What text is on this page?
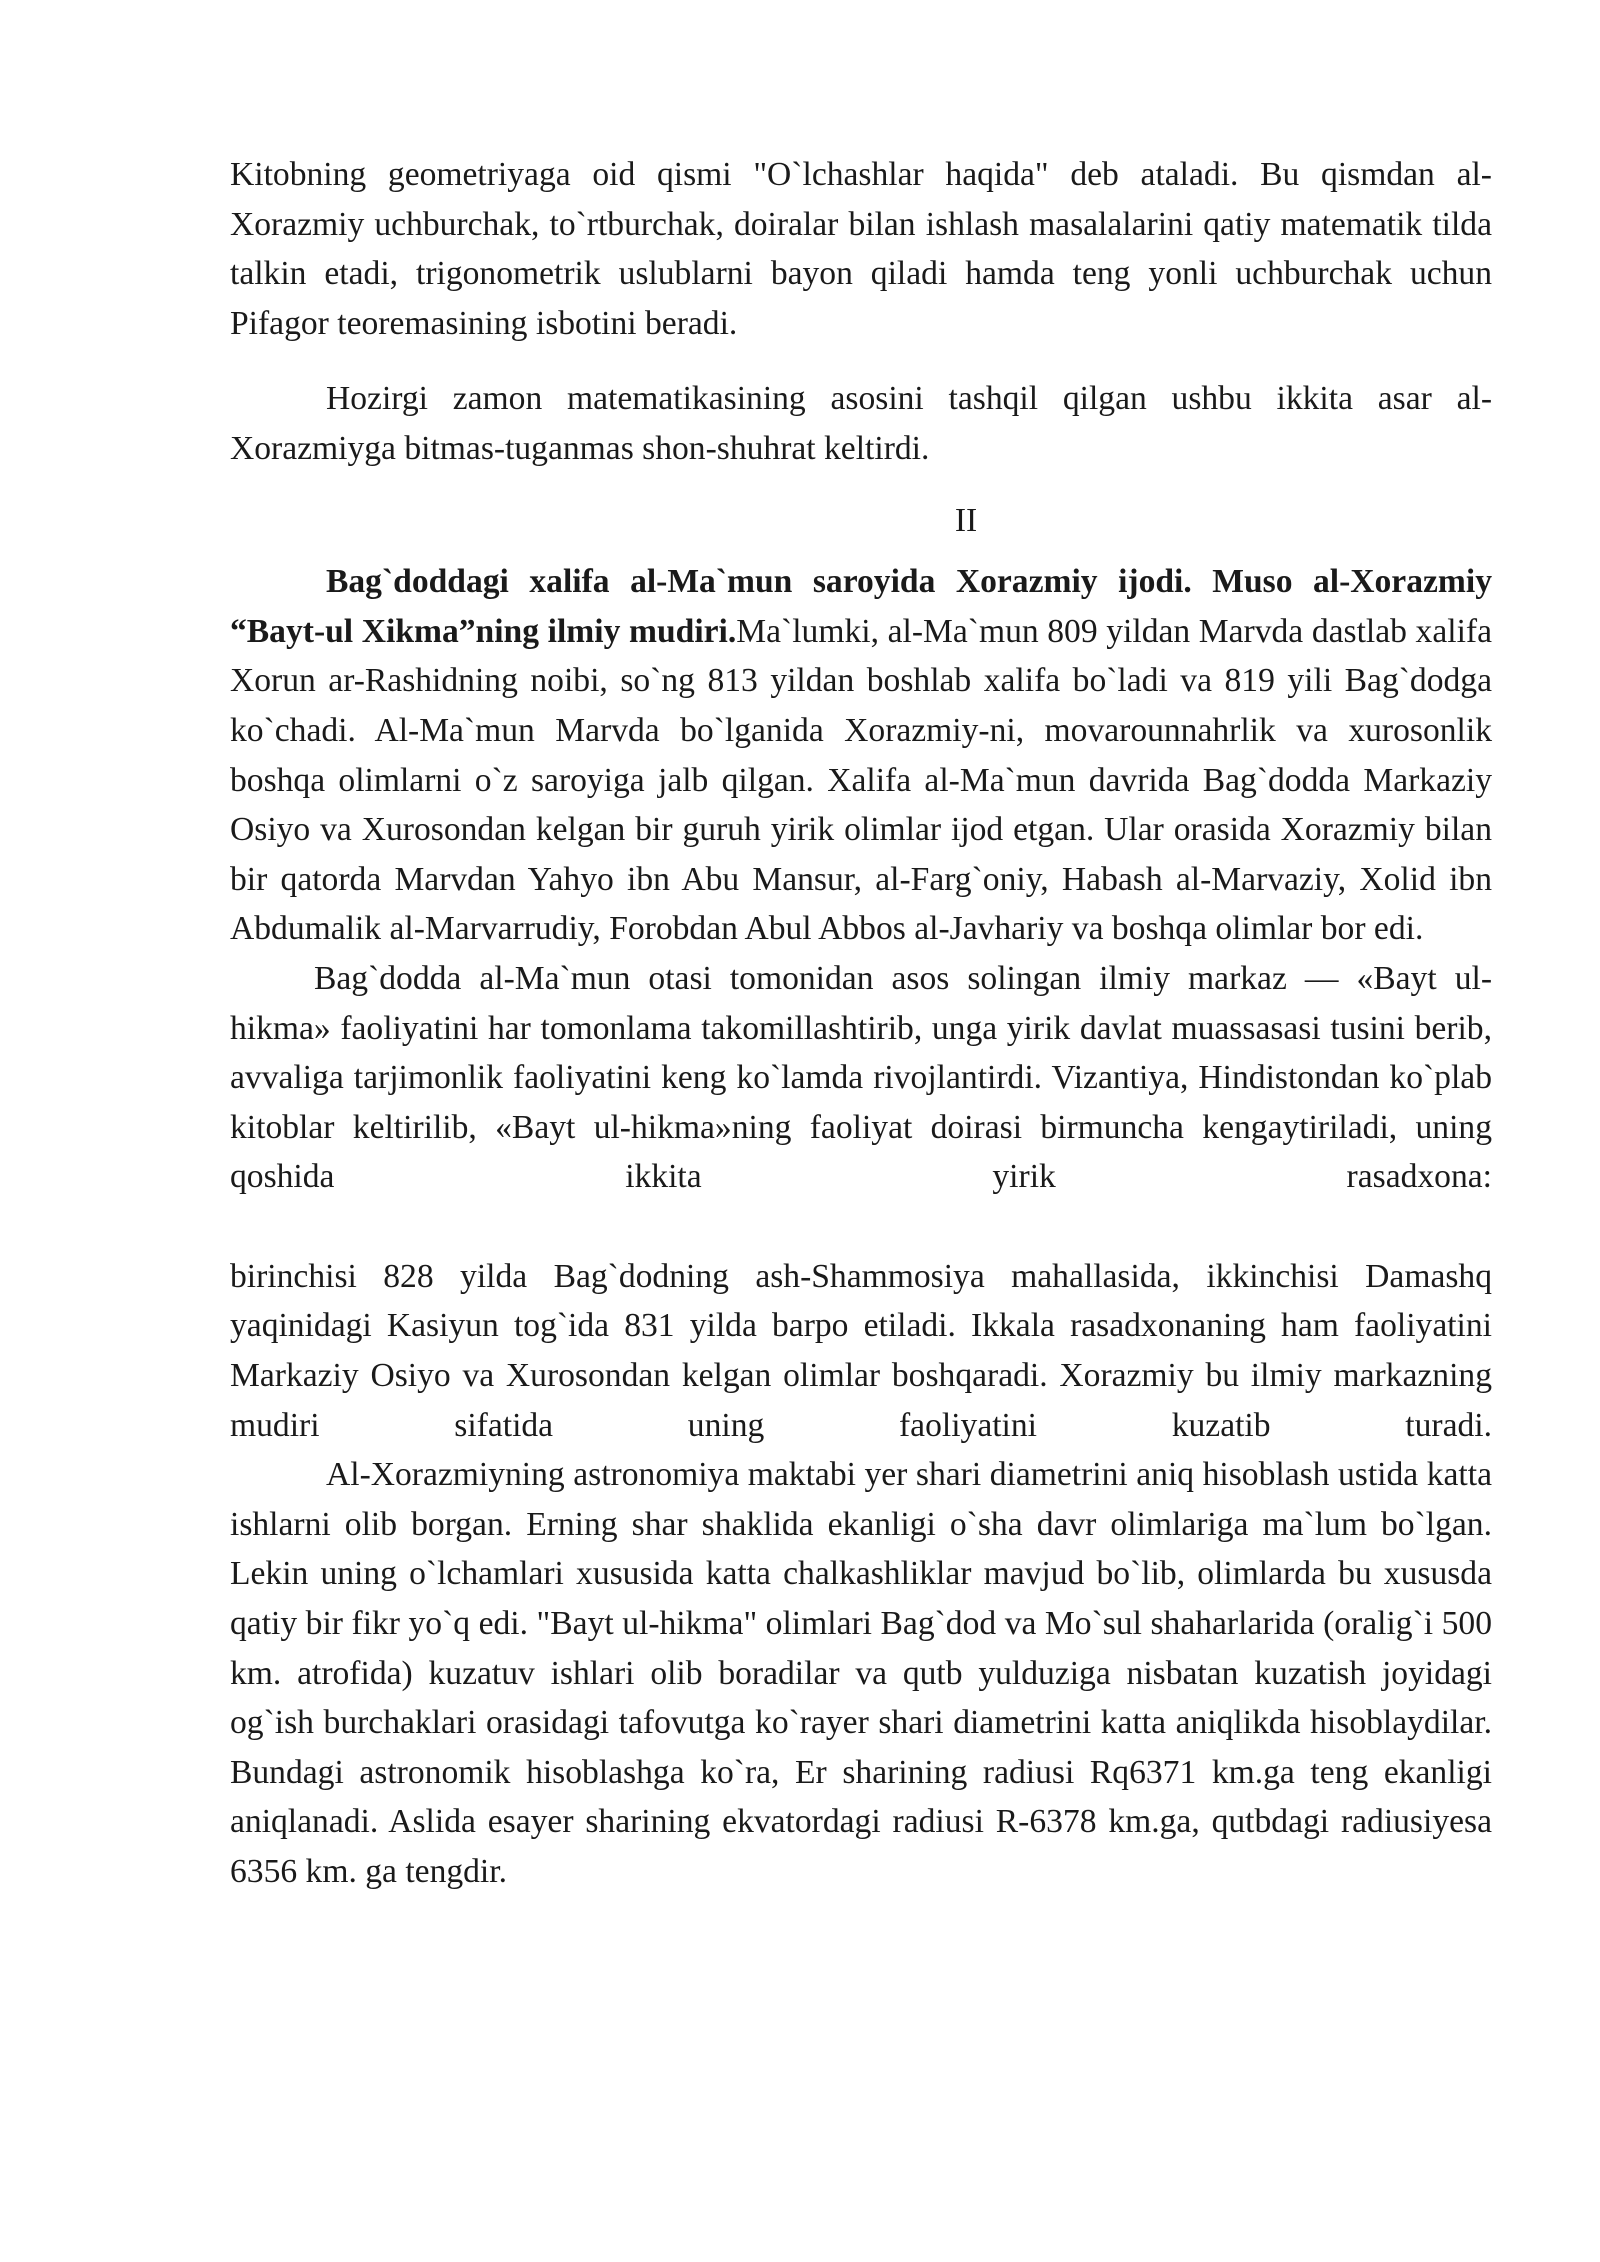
Kitobning geometriyaga oid qismi "O`lchashlar haqida" deb ataladi. Bu qismdan al-Xorazmiy uchburchak, to`rtburchak, doiralar bilan ishlash masalalarini qatiy matematik tilda talkin etadi, trigonometrik uslublarni bayon qiladi hamda teng yonli uchburchak uchun Pifagor teoremasining isbotini beradi.

Hozirgi zamon matematikasining asosini tashqil qilgan ushbu ikkita asar al-Xorazmiyga bitmas-tuganmas shon-shuhrat keltirdi.

II

Bag`doddagi xalifa al-Ma`mun saroyida Xorazmiy ijodi. Muso al-Xorazmiy “Bayt-ul Xikma”ning ilmiy mudiri.Ma`lumki, al-Ma`mun 809 yildan Marvda dastlab xalifa Xorun ar-Rashidning noibi, so`ng 813 yildan boshlab xalifa bo`ladi va 819 yili Bag`dodga ko`chadi. Al-Ma`mun Marvda bo`lganida Xorazmiy-ni, movarounnahrlik va xurosonlik boshqa olimlarni o`z saroyiga jalb qilgan. Xalifa al-Ma`mun davrida Bag`dodda Markaziy Osiyo va Xurosondan kelgan bir guruh yirik olimlar ijod etgan. Ular orasida Xorazmiy bilan bir qatorda Marvdan Yahyo ibn Abu Mansur, al-Farg`oniy, Habash al-Marvaziy, Xolid ibn Abdumalik al-Marvarrudiy, Forobdan Abul Abbos al-Javhariy va boshqa olimlar bor edi.

Bag`dodda al-Ma`mun otasi tomonidan asos solingan ilmiy markaz — «Bayt ul-hikma» faoliyatini har tomonlama takomillashtirib, unga yirik davlat muassasasi tusini berib, avvaliga tarjimonlik faoliyatini keng ko`lamda rivojlantirdi. Vizantiya, Hindistondan ko`plab kitoblar keltirilib, «Bayt ul-hikma»ning faoliyat doirasi birmuncha kengaytiriladi, uning qoshida ikkita yirik rasadxona:

birinchisi 828 yilda Bag`dodning ash-Shammosiya mahallasida, ikkinchisi Damashq yaqinidagi Kasiyun tog`ida 831 yilda barpo etiladi. Ikkala rasadxonaning ham faoliyatini Markaziy Osiyo va Xurosondan kelgan olimlar boshqaradi. Xorazmiy bu ilmiy markazning mudiri sifatida uning faoliyatini kuzatib turadi.

Al-Xorazmiyning astronomiya maktabi yer shari diametrini aniq hisoblash ustida katta ishlarni olib borgan. Erning shar shaklida ekanligi o`sha davr olimlariga ma`lum bo`lgan. Lekin uning o`lchamlari xususida katta chalkashliklar mavjud bo`lib, olimlarda bu xususda qatiy bir fikr yo`q edi. "Bayt ul-hikma" olimlari Bag`dod va Mo`sul shaharlarida (oralig`i 500 km. atrofida) kuzatuv ishlari olib boradilar va qutb yulduziga nisbatan kuzatish joyidagi og`ish burchaklari orasidagi tafovutga ko`rayer shari diametrini katta aniqlikda hisoblaydilar. Bundagi astronomik hisoblashga ko`ra, Er sharining radiusi Rq6371 km.ga teng ekanligi aniqlanadi. Aslida esayer sharining ekvatordagi radiusi R-6378 km.ga, qutbdagi radiusiyesa 6356 km. ga tengdir.
